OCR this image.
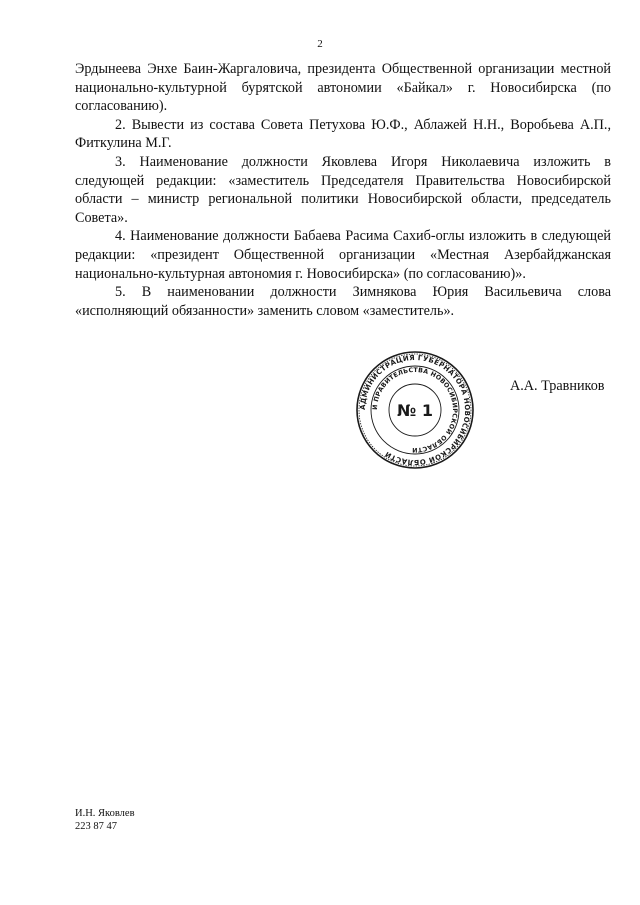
2

Эрдынеева Энхе Баин-Жаргаловича, президента Общественной организации местной национально-культурной бурятской автономии «Байкал» г. Новосибирска (по согласованию).

2. Вывести из состава Совета Петухова Ю.Ф., Аблажей Н.Н., Воробьева А.П., Фиткулина М.Г.

3. Наименование должности Яковлева Игоря Николаевича изложить в следующей редакции: «заместитель Председателя Правительства Новосибирской области – министр региональной политики Новосибирской области, председатель Совета».

4. Наименование должности Бабаева Расима Сахиб-оглы изложить в следующей редакции: «президент Общественной организации «Местная Азербайджанская национально-культурная автономия г. Новосибирска» (по согласованию)».

5. В наименовании должности Зимнякова Юрия Васильевича слова «исполняющий обязанности» заменить словом «заместитель».

АДМИНИСТРАЦИЯ ГУБЕРНАТОРА НОВОСИБИРСКОЙ ОБЛАСТИ
И ПРАВИТЕЛЬСТВА НОВОСИБИРСКОЙ ОБЛАСТИ
№ 1
А.А. Травников
И.Н. Яковлев
223 87 47
